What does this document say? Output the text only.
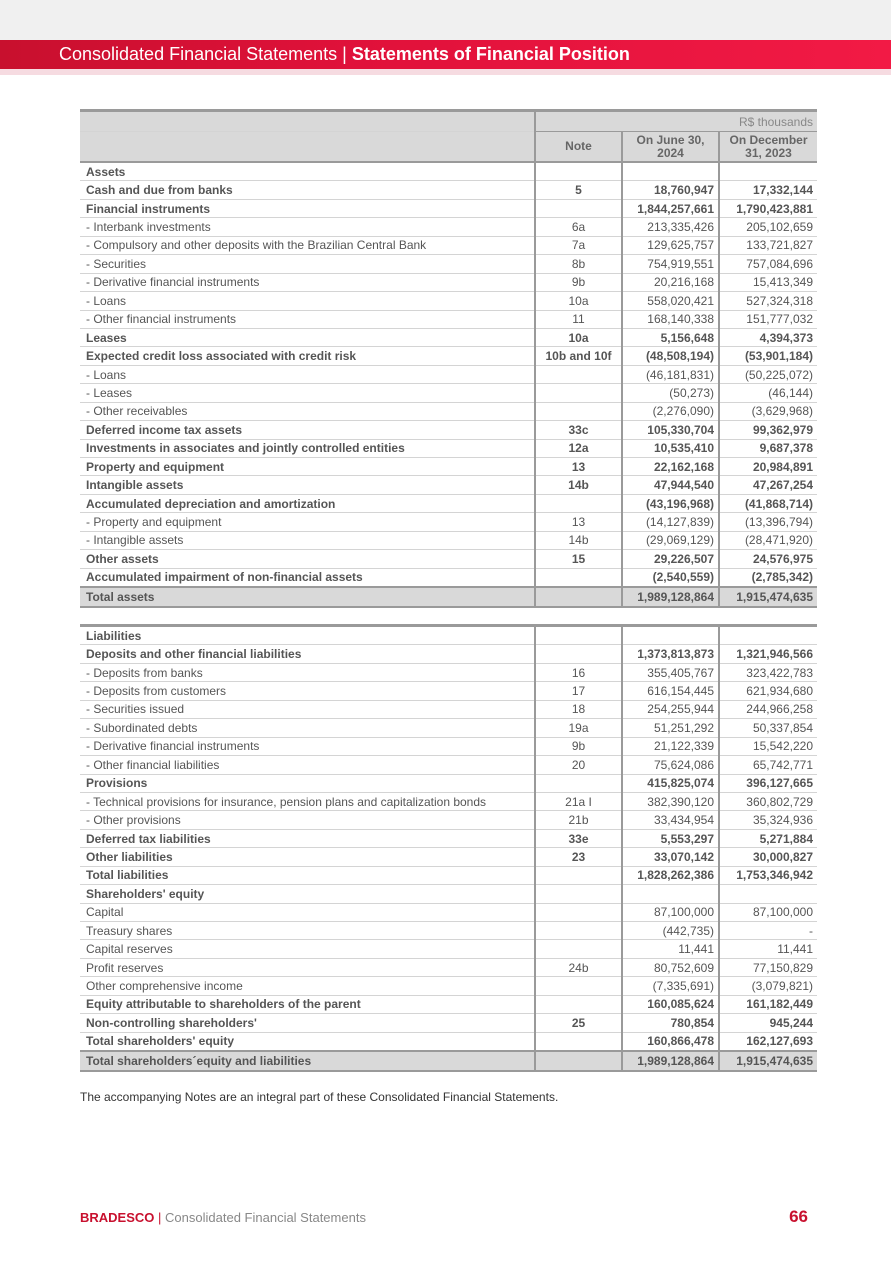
Consolidated Financial Statements | Statements of Financial Position
	R$ thousands		
	Note	On June 30, 2024	On December 31, 2023
Assets			
Cash and due from banks	5	18,760,947	17,332,144
Financial instruments		1,844,257,661	1,790,423,881
- Interbank investments	6a	213,335,426	205,102,659
- Compulsory and other deposits with the Brazilian Central Bank	7a	129,625,757	133,721,827
- Securities	8b	754,919,551	757,084,696
- Derivative financial instruments	9b	20,216,168	15,413,349
- Loans	10a	558,020,421	527,324,318
- Other financial instruments	11	168,140,338	151,777,032
Leases	10a	5,156,648	4,394,373
Expected credit loss associated with credit risk	10b and 10f	(48,508,194)	(53,901,184)
- Loans		(46,181,831)	(50,225,072)
- Leases		(50,273)	(46,144)
- Other receivables		(2,276,090)	(3,629,968)
Deferred income tax assets	33c	105,330,704	99,362,979
Investments in associates and jointly controlled entities	12a	10,535,410	9,687,378
Property and equipment	13	22,162,168	20,984,891
Intangible assets	14b	47,944,540	47,267,254
Accumulated depreciation and amortization		(43,196,968)	(41,868,714)
- Property and equipment	13	(14,127,839)	(13,396,794)
- Intangible assets	14b	(29,069,129)	(28,471,920)
Other assets	15	29,226,507	24,576,975
Accumulated impairment of non-financial assets		(2,540,559)	(2,785,342)
Total assets		1,989,128,864	1,915,474,635
Liabilities			
Deposits and other financial liabilities		1,373,813,873	1,321,946,566
- Deposits from banks	16	355,405,767	323,422,783
- Deposits from customers	17	616,154,445	621,934,680
- Securities issued	18	254,255,944	244,966,258
- Subordinated debts	19a	51,251,292	50,337,854
- Derivative financial instruments	9b	21,122,339	15,542,220
- Other financial liabilities	20	75,624,086	65,742,771
Provisions		415,825,074	396,127,665
- Technical provisions for insurance, pension plans and capitalization bonds	21a I	382,390,120	360,802,729
- Other provisions	21b	33,434,954	35,324,936
Deferred tax liabilities	33e	5,553,297	5,271,884
Other liabilities	23	33,070,142	30,000,827
Total liabilities		1,828,262,386	1,753,346,942
Shareholders' equity			
Capital		87,100,000	87,100,000
Treasury shares		(442,735)	-
Capital reserves		11,441	11,441
Profit reserves	24b	80,752,609	77,150,829
Other comprehensive income		(7,335,691)	(3,079,821)
Equity attributable to shareholders of the parent		160,085,624	161,182,449
Non-controlling shareholders'	25	780,854	945,244
Total shareholders' equity		160,866,478	162,127,693
Total shareholders´equity and liabilities		1,989,128,864	1,915,474,635
The accompanying Notes are an integral part of these Consolidated Financial Statements.
BRADESCO | Consolidated Financial Statements	66
